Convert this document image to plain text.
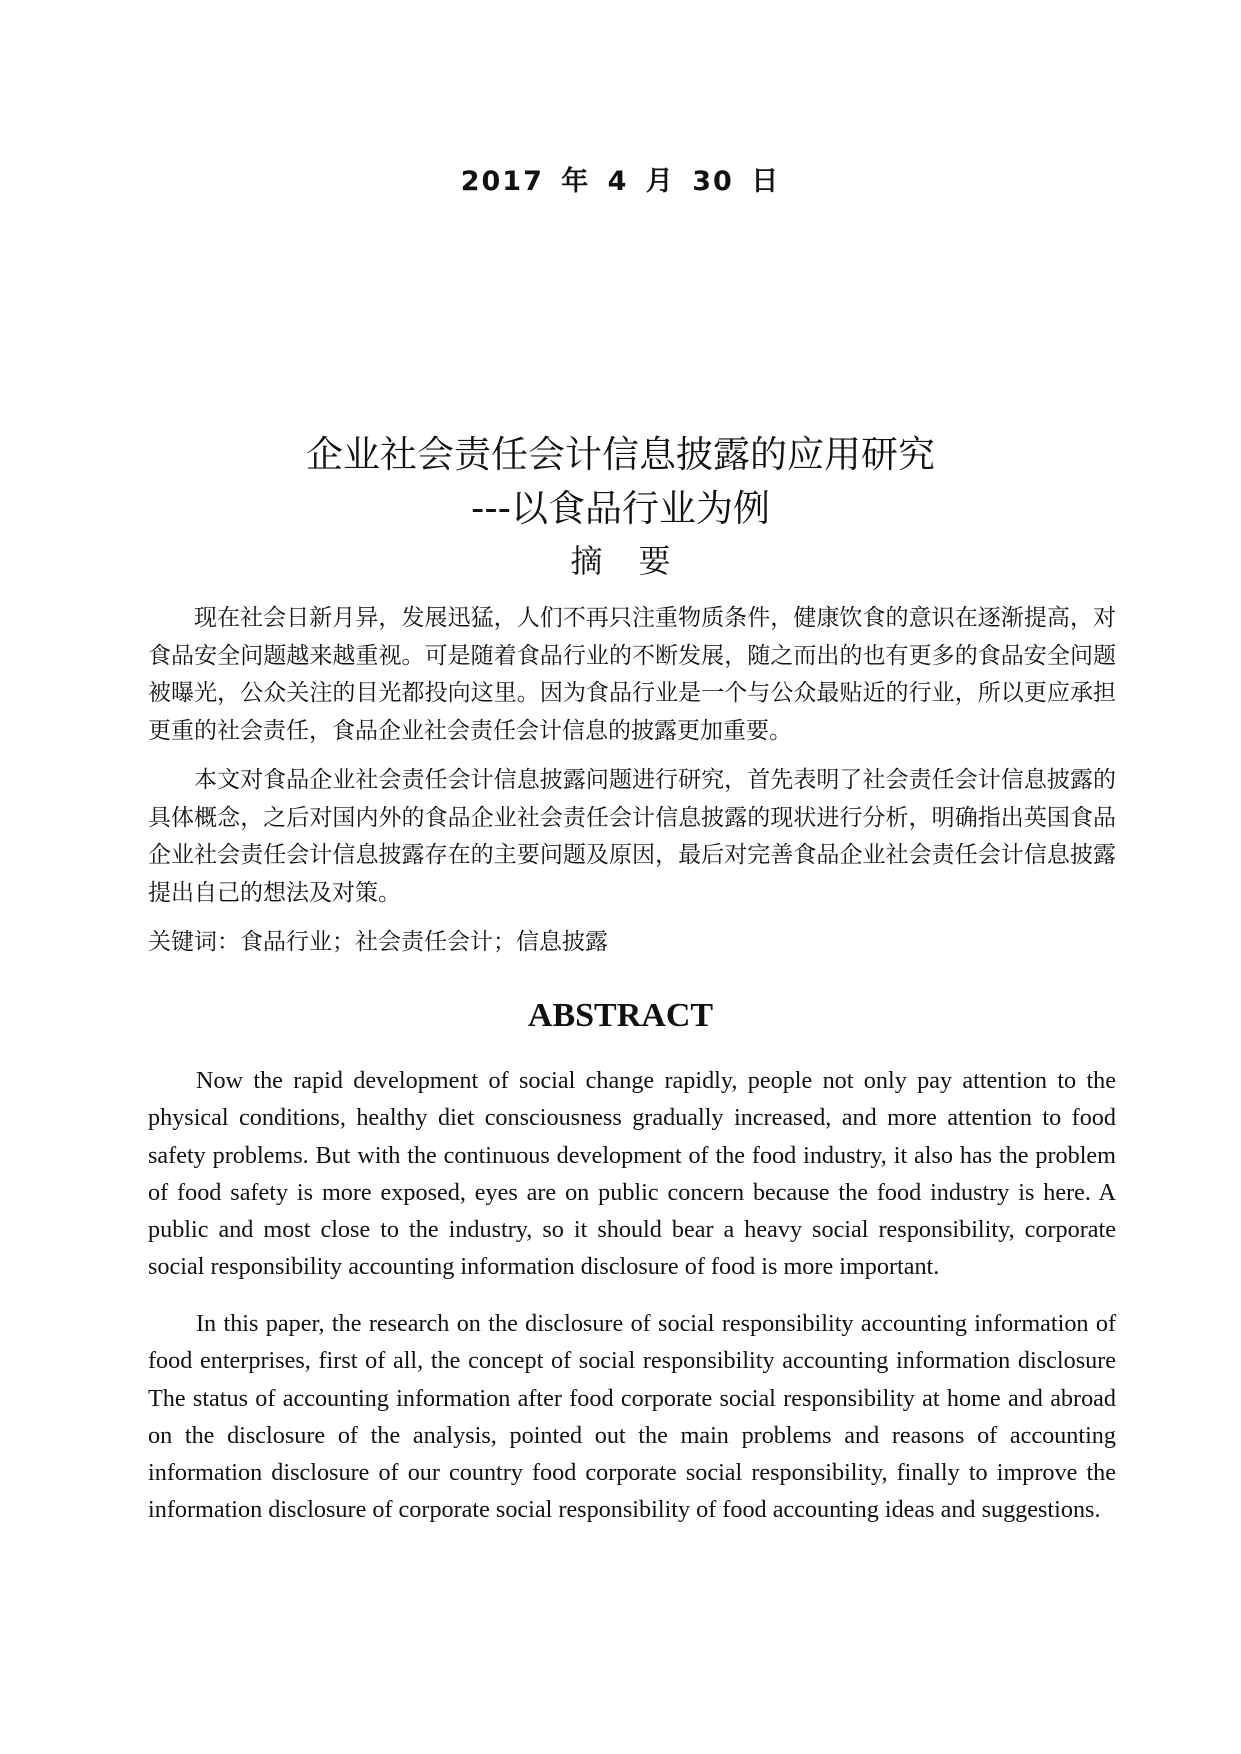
2017 年 4 月 30 日
企业社会责任会计信息披露的应用研究
---以食品行业为例
摘要

现在社会日新月异，发展迅猛，人们不再只注重物质条件，健康饮食的意识在逐渐提高，对食品安全问题越来越重视。可是随着食品行业的不断发展，随之而出的也有更多的食品安全问题被曝光，公众关注的目光都投向这里。因为食品行业是一个与公众最贴近的行业，所以更应承担更重的社会责任，食品企业社会责任会计信息的披露更加重要。

本文对食品企业社会责任会计信息披露问题进行研究，首先表明了社会责任会计信息披露的具体概念，之后对国内外的食品企业社会责任会计信息披露的现状进行分析，明确指出英国食品企业社会责任会计信息披露存在的主要问题及原因，最后对完善食品企业社会责任会计信息披露提出自己的想法及对策。

关键词：食品行业；社会责任会计；信息披露
ABSTRACT

Now the rapid development of social change rapidly, people not only pay attention to the physical conditions, healthy diet consciousness gradually increased, and more attention to food safety problems. But with the continuous development of the food industry, it also has the problem of food safety is more exposed, eyes are on public concern because the food industry is here. A public and most close to the industry, so it should bear a heavy social responsibility, corporate social responsibility accounting information disclosure of food is more important.

In this paper, the research on the disclosure of social responsibility accounting information of food enterprises, first of all, the concept of social responsibility accounting information disclosure The status of accounting information after food corporate social responsibility at home and abroad on the disclosure of the analysis, pointed out the main problems and reasons of accounting information disclosure of our country food corporate social responsibility, finally to improve the information disclosure of corporate social responsibility of food accounting ideas and suggestions.
